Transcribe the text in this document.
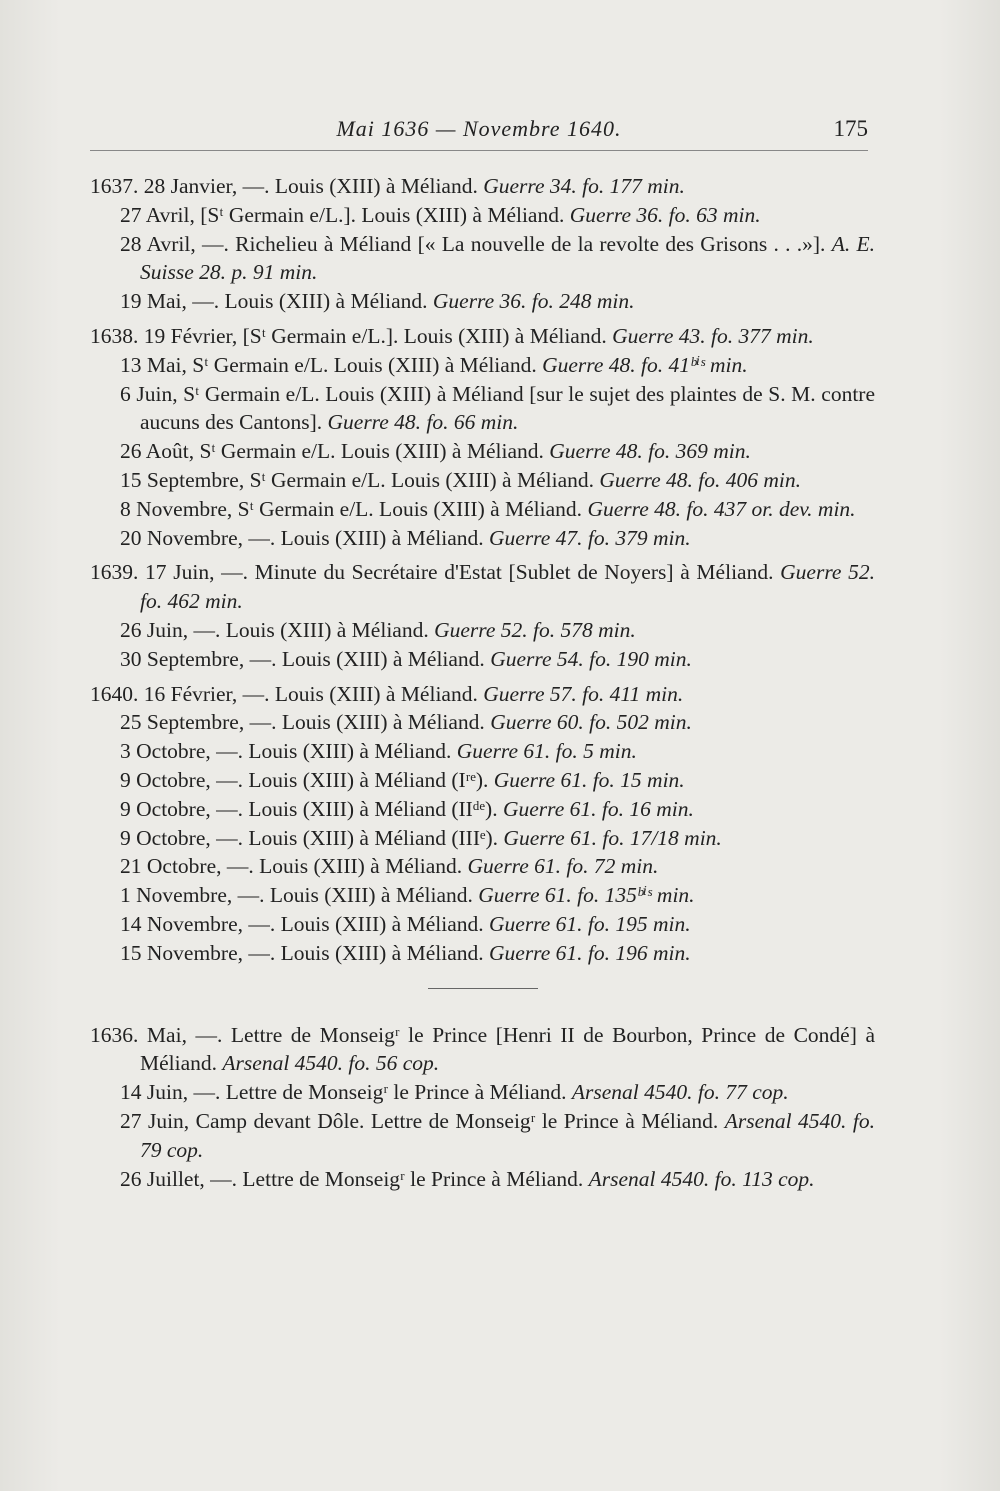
Mai 1636 — Novembre 1640.	175
1637. 28 Janvier, —. Louis (XIII) à Méliand. Guerre 34. fo. 177 min.
27 Avril, [Sᵗ Germain e/L.]. Louis (XIII) à Méliand. Guerre 36. fo. 63 min.
28 Avril, —. Richelieu à Méliand [« La nouvelle de la revolte des Grisons . . .»]. A. E. Suisse 28. p. 91 min.
19 Mai, —. Louis (XIII) à Méliand. Guerre 36. fo. 248 min.
1638. 19 Février, [Sᵗ Germain e/L.]. Louis (XIII) à Méliand. Guerre 43. fo. 377 min.
13 Mai, Sᵗ Germain e/L. Louis (XIII) à Méliand. Guerre 48. fo. 41ᵇⁱˢ min.
6 Juin, Sᵗ Germain e/L. Louis (XIII) à Méliand [sur le sujet des plaintes de S. M. contre aucuns des Cantons]. Guerre 48. fo. 66 min.
26 Août, Sᵗ Germain e/L. Louis (XIII) à Méliand. Guerre 48. fo. 369 min.
15 Septembre, Sᵗ Germain e/L. Louis (XIII) à Méliand. Guerre 48. fo. 406 min.
8 Novembre, Sᵗ Germain e/L. Louis (XIII) à Méliand. Guerre 48. fo. 437 or. dev. min.
20 Novembre, —. Louis (XIII) à Méliand. Guerre 47. fo. 379 min.
1639. 17 Juin, —. Minute du Secrétaire d'Estat [Sublet de Noyers] à Méliand. Guerre 52. fo. 462 min.
26 Juin, —. Louis (XIII) à Méliand. Guerre 52. fo. 578 min.
30 Septembre, —. Louis (XIII) à Méliand. Guerre 54. fo. 190 min.
1640. 16 Février, —. Louis (XIII) à Méliand. Guerre 57. fo. 411 min.
25 Septembre, —. Louis (XIII) à Méliand. Guerre 60. fo. 502 min.
3 Octobre, —. Louis (XIII) à Méliand. Guerre 61. fo. 5 min.
9 Octobre, —. Louis (XIII) à Méliand (Iʳᵉ). Guerre 61. fo. 15 min.
9 Octobre, —. Louis (XIII) à Méliand (IIᵈᵉ). Guerre 61. fo. 16 min.
9 Octobre, —. Louis (XIII) à Méliand (IIIᵉ). Guerre 61. fo. 17/18 min.
21 Octobre, —. Louis (XIII) à Méliand. Guerre 61. fo. 72 min.
1 Novembre, —. Louis (XIII) à Méliand. Guerre 61. fo. 135ᵇⁱˢ min.
14 Novembre, —. Louis (XIII) à Méliand. Guerre 61. fo. 195 min.
15 Novembre, —. Louis (XIII) à Méliand. Guerre 61. fo. 196 min.
1636. Mai, —. Lettre de Monseigʳ le Prince [Henri II de Bourbon, Prince de Condé] à Méliand. Arsenal 4540. fo. 56 cop.
14 Juin, —. Lettre de Monseigʳ le Prince à Méliand. Arsenal 4540. fo. 77 cop.
27 Juin, Camp devant Dôle. Lettre de Monseigʳ le Prince à Méliand. Arsenal 4540. fo. 79 cop.
26 Juillet, —. Lettre de Monseigʳ le Prince à Méliand. Arsenal 4540. fo. 113 cop.
